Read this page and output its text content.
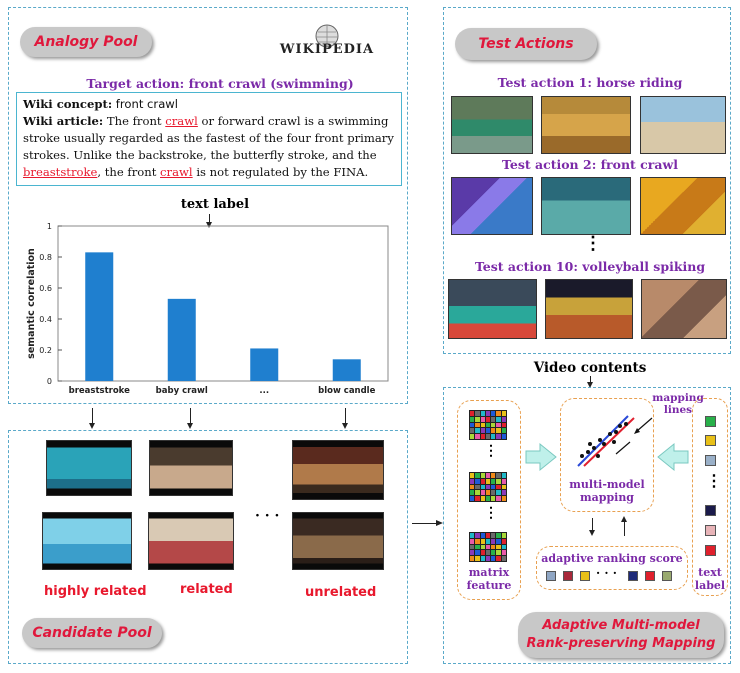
Analogy Pool	WIKIPEDIA
Target action: front crawl (swimming)
Wiki concept: front crawl
Wiki article: The front crawl or forward crawl is a swimming stroke usually regarded as the fastest of the four front primary strokes. Unlike the backstroke, the butterfly stroke, and the breaststroke, the front crawl is not regulated by the FINA.
text label
0
0.2
0.4
0.6
0.8
1
semantic correlation
breaststroke	baby crawl	...	blow candle
· · ·
highly related	related	unrelated
Candidate Pool
Test Actions
Test action 1: horse riding
Test action 2: front crawl
⋮
Test action 10: volleyball spiking
Video contents
⋮
⋮
matrix
feature
mapping
lines
multi-model
mapping
adaptive ranking score
· · ·
⋮
text
label
Adaptive Multi-model
Rank-preserving Mapping
